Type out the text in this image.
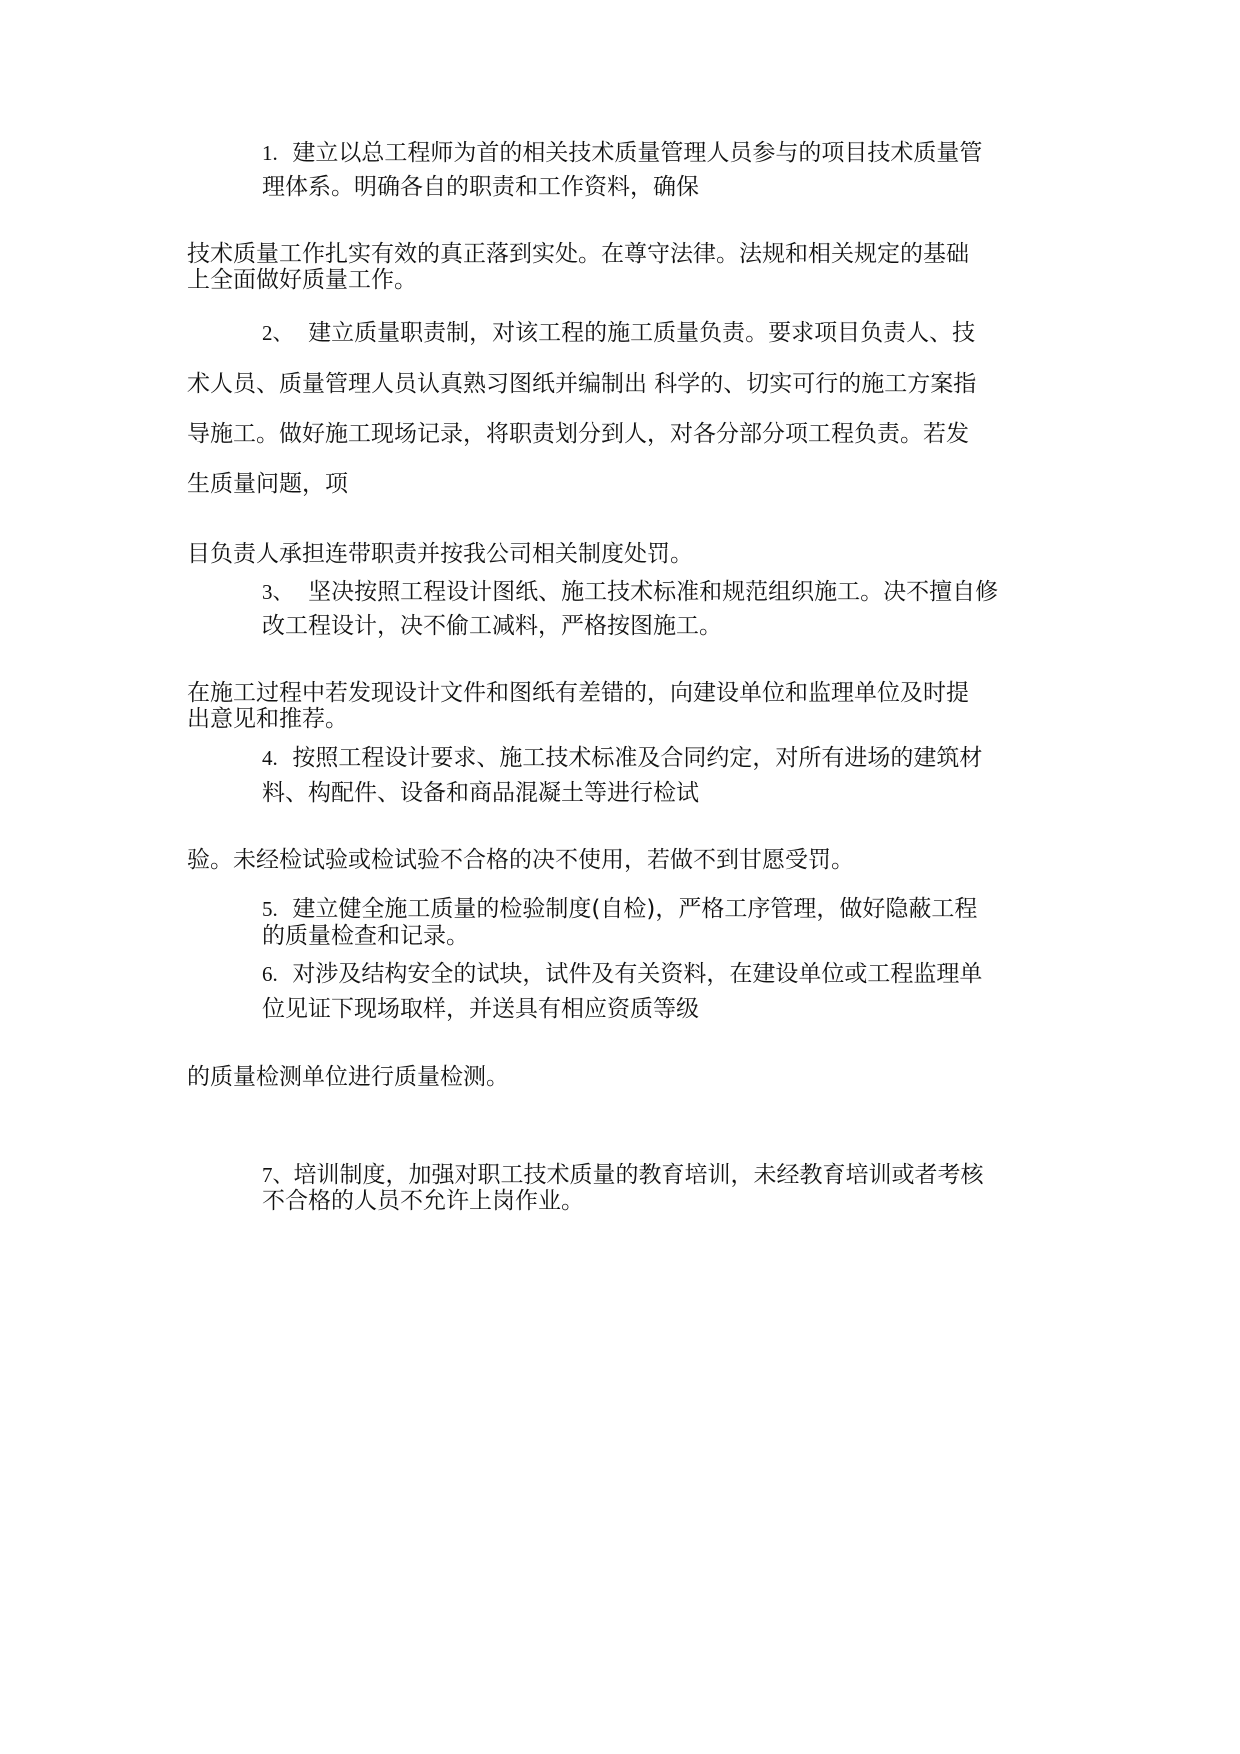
1. 建立以总工程师为首的相关技术质量管理人员参与的项目技术质量管
理体系。明确各自的职责和工作资料，确保
技术质量工作扎实有效的真正落到实处。在尊守法律。法规和相关规定的基础
上全面做好质量工作。
2、 建立质量职责制，对该工程的施工质量负责。要求项目负责人、技
术人员、质量管理人员认真熟习图纸并编制出 科学的、切实可行的施工方案指
导施工。做好施工现场记录，将职责划分到人，对各分部分项工程负责。若发
生质量问题，项
目负责人承担连带职责并按我公司相关制度处罚。
3、 坚决按照工程设计图纸、施工技术标准和规范组织施工。决不擅自修
改工程设计，决不偷工减料，严格按图施工。
在施工过程中若发现设计文件和图纸有差错的，向建设单位和监理单位及时提
出意见和推荐。
4. 按照工程设计要求、施工技术标准及合同约定，对所有进场的建筑材
料、构配件、设备和商品混凝土等进行检试
验。未经检试验或检试验不合格的决不使用，若做不到甘愿受罚。
5. 建立健全施工质量的检验制度(自检)，严格工序管理，做好隐蔽工程
的质量检查和记录。
6. 对涉及结构安全的试块，试件及有关资料，在建设单位或工程监理单
位见证下现场取样，并送具有相应资质等级
的质量检测单位进行质量检测。
7、培训制度，加强对职工技术质量的教育培训，未经教育培训或者考核
不合格的人员不允许上岗作业。
